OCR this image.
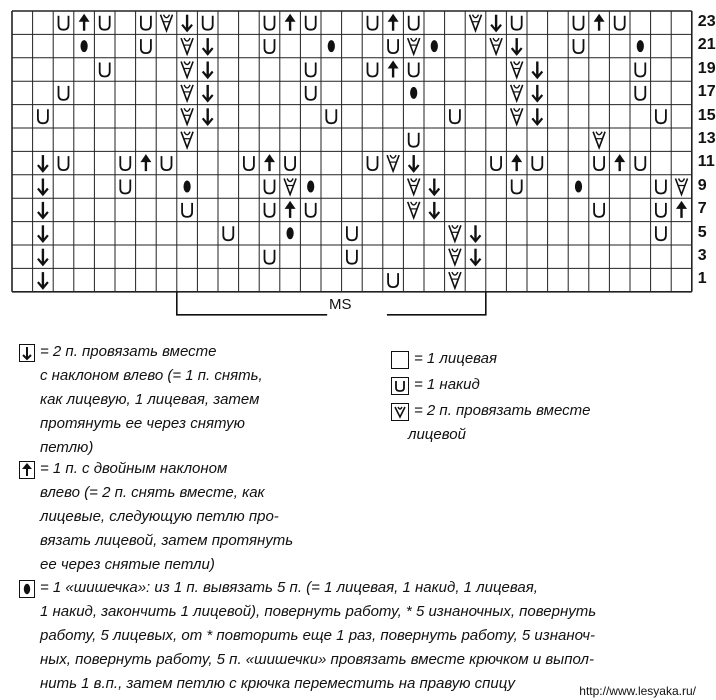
23
21
19
17
15
13
11
9
7
5
3
1
MS
= 2 п. провязать вместе
с наклоном влево (= 1 п. снять,
как лицевую, 1 лицевая, затем
протянуть ее через снятую
петлю)
= 1 п. с двойным наклоном
влево (= 2 п. снять вместе, как
лицевые, следующую петлю про-
вязать лицевой, затем протянуть
ее через снятые петли)
= 1 лицевая
= 1 накид
= 2 п. провязать вместе
лицевой
= 1 «шишечка»: из 1 п. вывязать 5 п. (= 1 лицевая, 1 накид, 1 лицевая,
1 накид, закончить 1 лицевой), повернуть работу, * 5 изнаночных, повернуть
работу, 5 лицевых, от * повторить еще 1 раз, повернуть работу, 5 изнаноч-
ных, повернуть работу, 5 п. «шишечки» провязать вместе крючком и выпол-
нить 1 в.п., затем петлю с крючка переместить на правую спицу	http://www.lesyaka.ru/
